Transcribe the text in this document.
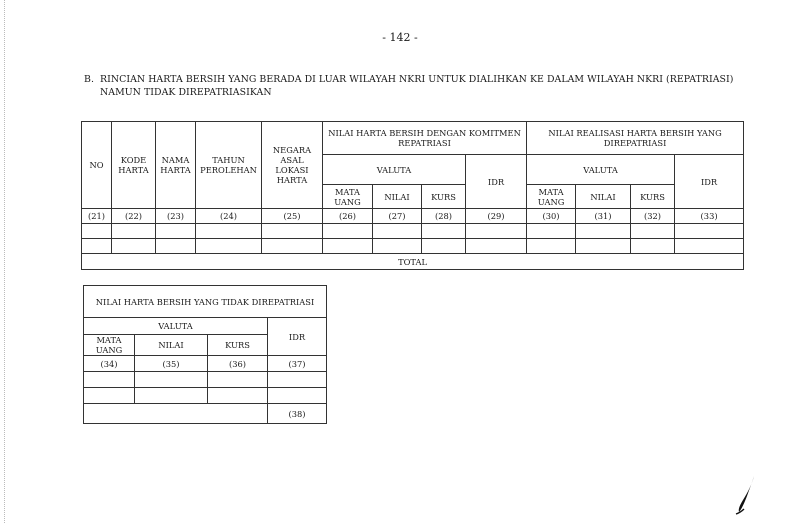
- 142 -
B. RINCIAN HARTA BERSIH YANG BERADA DI LUAR WILAYAH NKRI UNTUK DIALIHKAN KE DALAM WILAYAH NKRI (REPATRIASI) NAMUN TIDAK DIREPATRIASIKAN
NO	KODE HARTA	NAMA HARTA	TAHUN PEROLEHAN	NEGARA ASAL LOKASI HARTA	NILAI HARTA BERSIH DENGAN KOMITMEN REPATRIASI				NILAI REALISASI HARTA BERSIH YANG DIREPATRIASI			
					VALUTA			IDR	VALUTA			IDR
					MATA UANG	NILAI	KURS		MATA UANG	NILAI	KURS	
(21)	(22)	(23)	(24)	(25)	(26)	(27)	(28)	(29)	(30)	(31)	(32)	(33)

TOTAL												
NILAI HARTA BERSIH YANG TIDAK DIREPATRIASI			
VALUTA			IDR
MATA UANG	NILAI	KURS	
(34)	(35)	(36)	(37)

			(38)
